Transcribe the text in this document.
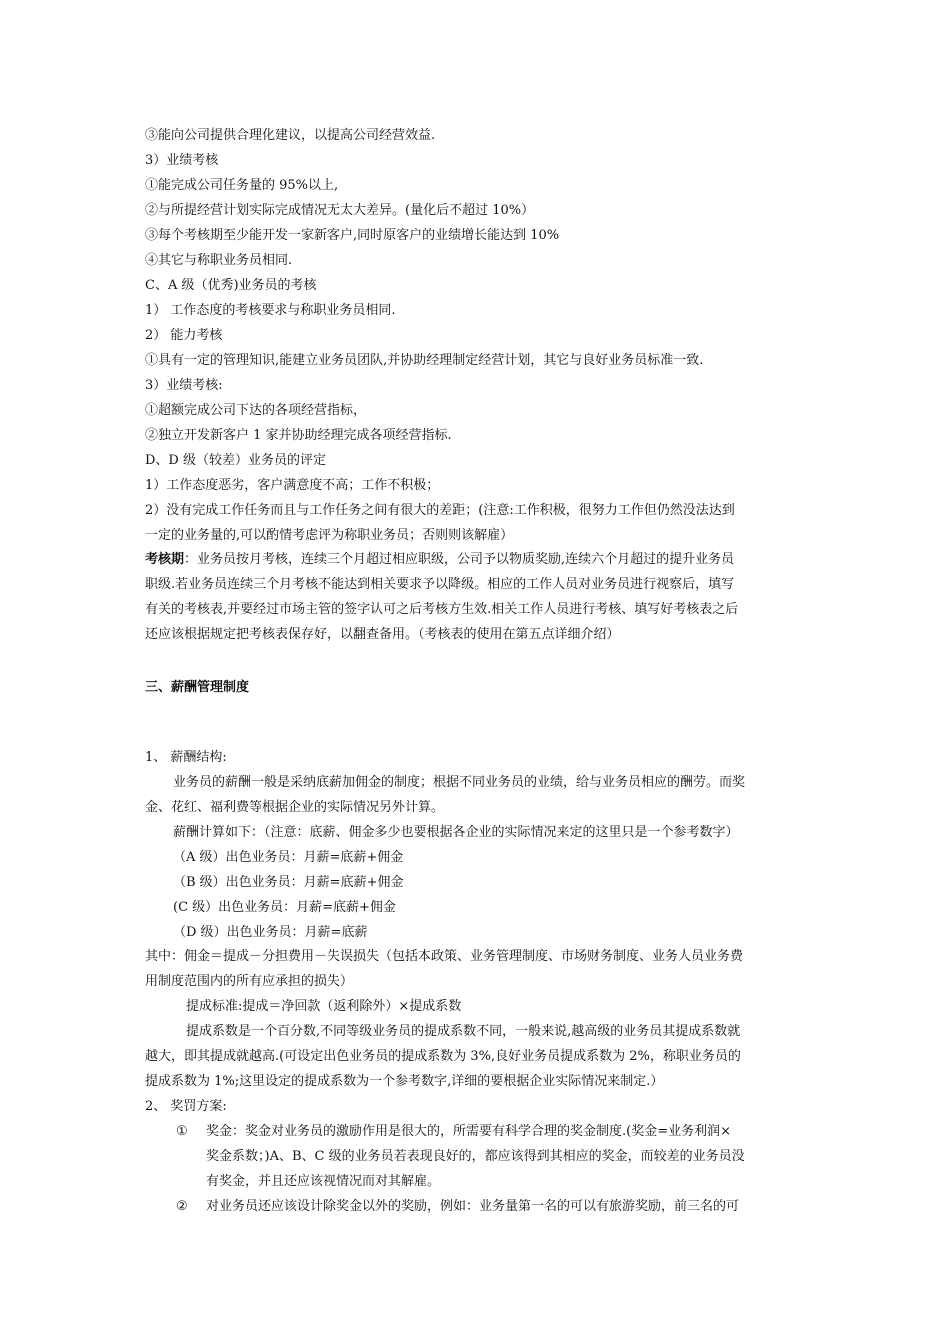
③能向公司提供合理化建议，以提高公司经营效益.
3）业绩考核
①能完成公司任务量的 95%以上,
②与所提经营计划实际完成情况无太大差异。(量化后不超过 10%）
③每个考核期至少能开发一家新客户,同时原客户的业绩增长能达到 10%
④其它与称职业务员相同.
C、A 级（优秀)业务员的考核
1） 工作态度的考核要求与称职业务员相同.
2） 能力考核
①具有一定的管理知识,能建立业务员团队,并协助经理制定经营计划，其它与良好业务员标准一致.
3）业绩考核:
①超额完成公司下达的各项经营指标，
②独立开发新客户 1 家并协助经理完成各项经营指标.
D、D 级（较差）业务员的评定
1）工作态度恶劣，客户满意度不高；工作不积极；
2）没有完成工作任务而且与工作任务之间有很大的差距；(注意:工作积极，很努力工作但仍然没法达到
一定的业务量的,可以酌情考虑评为称职业务员；否则则该解雇）
考核期：业务员按月考核，连续三个月超过相应职级，公司予以物质奖励,连续六个月超过的提升业务员
职级.若业务员连续三个月考核不能达到相关要求予以降级。相应的工作人员对业务员进行视察后，填写
有关的考核表,并要经过市场主管的签字认可之后考核方生效.相关工作人员进行考核、填写好考核表之后
还应该根据规定把考核表保存好，以翻查备用。（考核表的使用在第五点详细介绍）
三、薪酬管理制度
1、 薪酬结构:
业务员的薪酬一般是采纳底薪加佣金的制度；根据不同业务员的业绩，给与业务员相应的酬劳。而奖
金、花红、福利费等根据企业的实际情况另外计算。
薪酬计算如下：（注意：底薪、佣金多少也要根据各企业的实际情况来定的这里只是一个参考数字）
（A 级）出色业务员：月薪=底薪+佣金
（B 级）出色业务员：月薪=底薪+佣金
(C 级）出色业务员：月薪=底薪+佣金
（D 级）出色业务员：月薪=底薪
其中：佣金＝提成－分担费用－失误损失（包括本政策、业务管理制度、市场财务制度、业务人员业务费
用制度范围内的所有应承担的损失）
提成标准:提成＝净回款（返利除外）×提成系数
提成系数是一个百分数,不同等级业务员的提成系数不同，一般来说,越高级的业务员其提成系数就
越大，即其提成就越高.(可设定出色业务员的提成系数为 3%,良好业务员提成系数为 2%，称职业务员的
提成系数为 1%;这里设定的提成系数为一个参考数字,详细的要根据企业实际情况来制定.）
2、 奖罚方案:
① 奖金：奖金对业务员的激励作用是很大的，所需要有科学合理的奖金制度.(奖金=业务利润×
奖金系数；)A、B、C 级的业务员若表现良好的，都应该得到其相应的奖金，而较差的业务员没
有奖金，并且还应该视情况而对其解雇。
② 对业务员还应该设计除奖金以外的奖励，例如：业务量第一名的可以有旅游奖励，前三名的可
